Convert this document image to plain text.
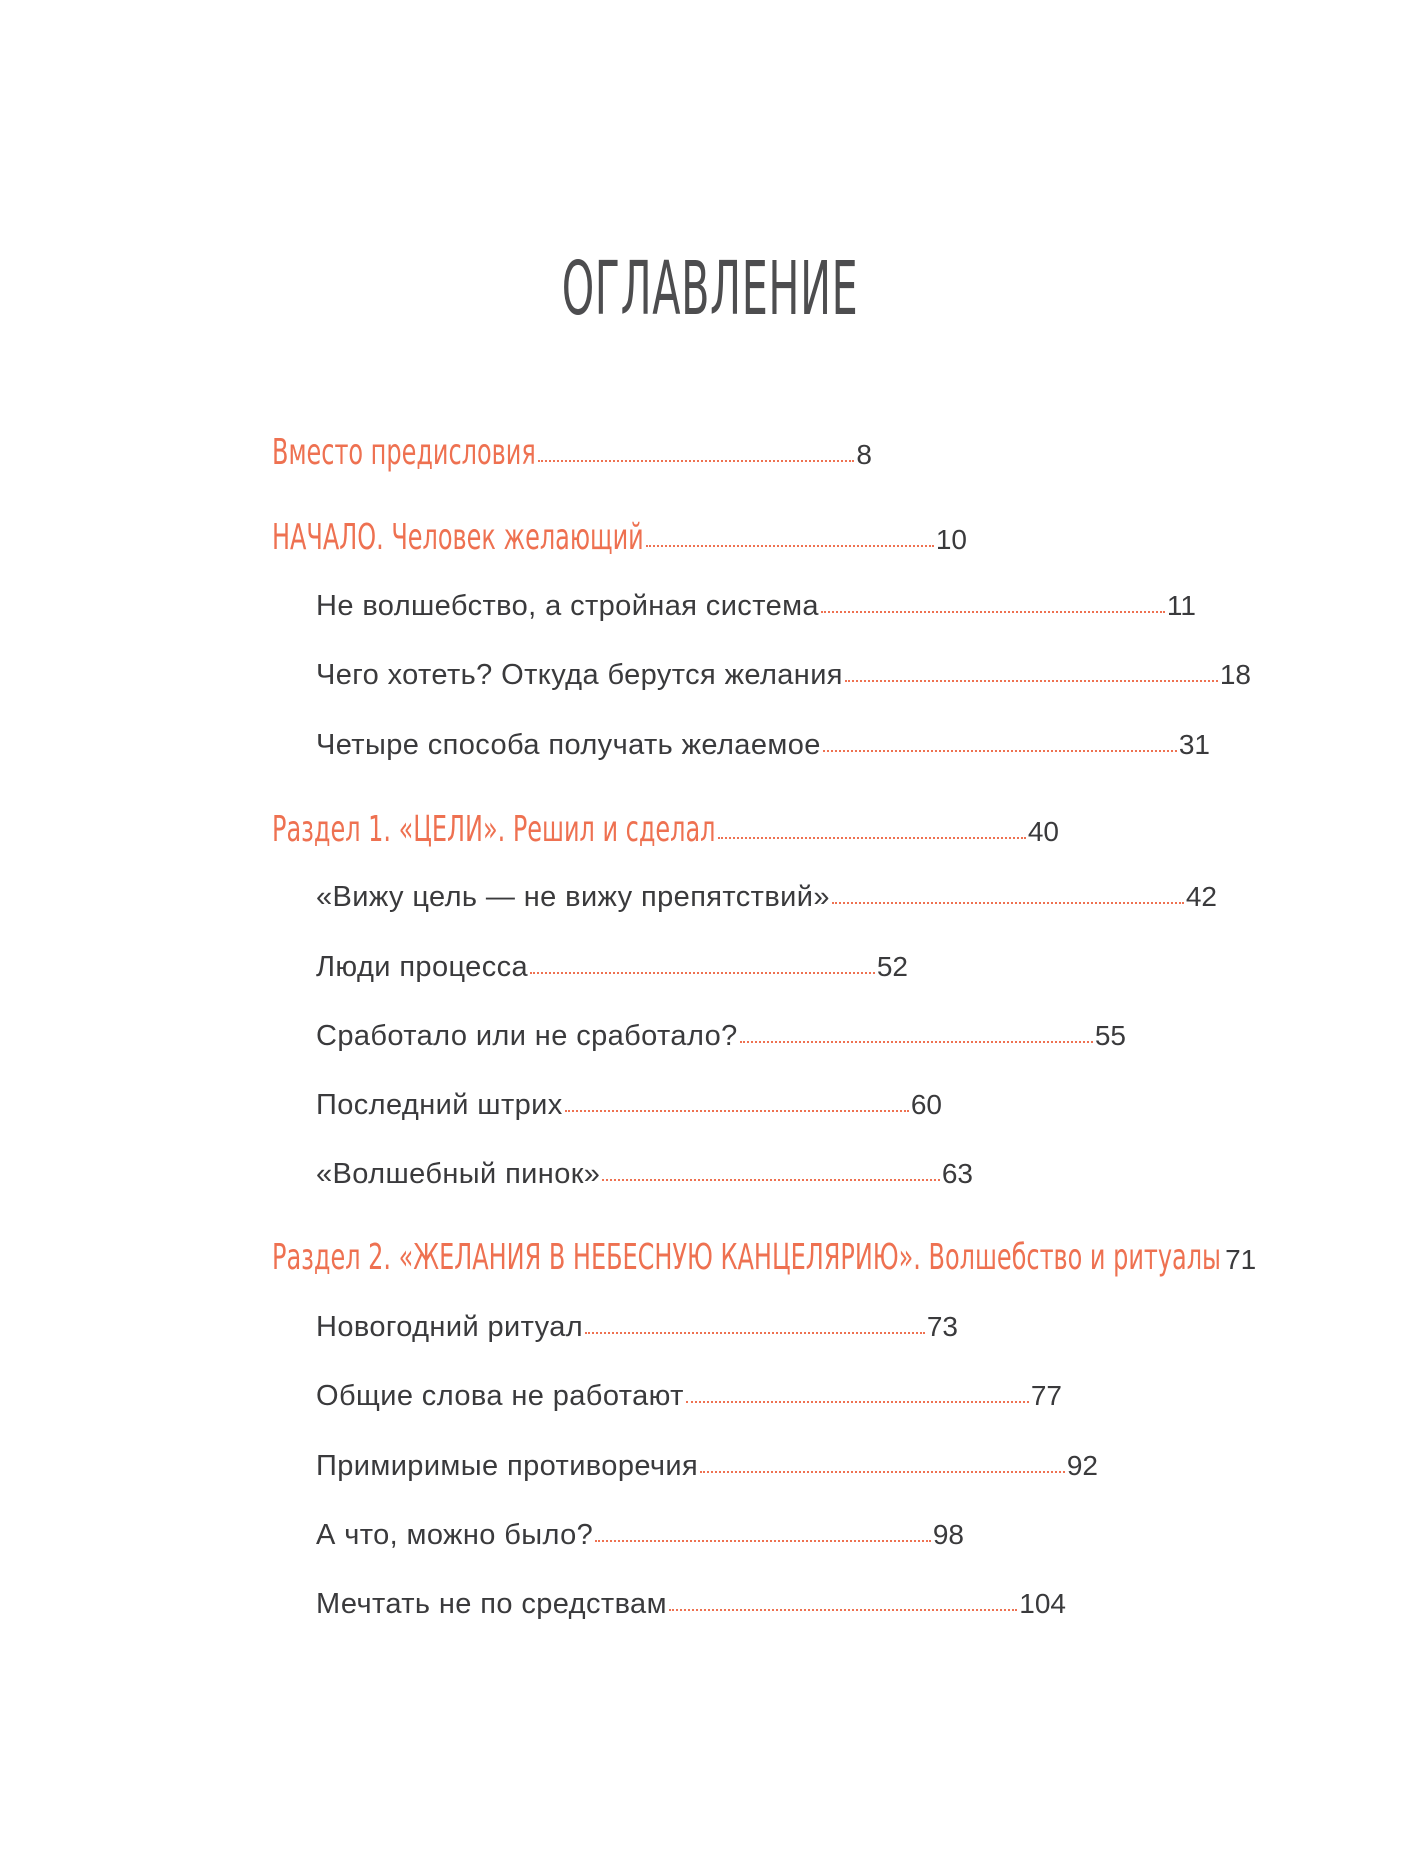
ОГЛАВЛЕНИЕ
Вместо предисловия	8
НАЧАЛО. Человек желающий	10
Не волшебство, а стройная система	11
Чего хотеть? Откуда берутся желания	18
Четыре способа получать желаемое	31
Раздел 1. «ЦЕЛИ». Решил и сделал	40
«Вижу цель — не вижу препятствий»	42
Люди процесса	52
Сработало или не сработало?	55
Последний штрих	60
«Волшебный пинок»	63
Раздел 2. «ЖЕЛАНИЯ В НЕБЕСНУЮ КАНЦЕЛЯРИЮ». Волшебство и ритуалы 71
Новогодний ритуал	73
Общие слова не работают	77
Примиримые противоречия	92
А что, можно было?	98
Мечтать не по средствам	104
